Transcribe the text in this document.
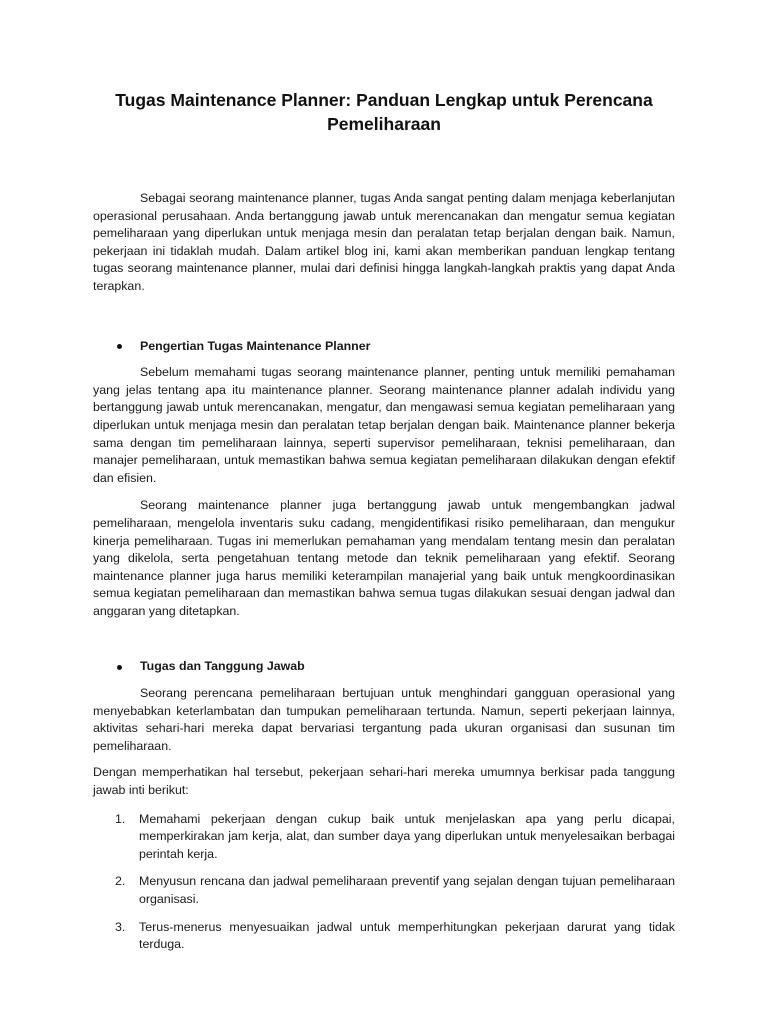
Tugas Maintenance Planner: Panduan Lengkap untuk Perencana Pemeliharaan

Sebagai seorang maintenance planner, tugas Anda sangat penting dalam menjaga keberlanjutan operasional perusahaan. Anda bertanggung jawab untuk merencanakan dan mengatur semua kegiatan pemeliharaan yang diperlukan untuk menjaga mesin dan peralatan tetap berjalan dengan baik. Namun, pekerjaan ini tidaklah mudah. Dalam artikel blog ini, kami akan memberikan panduan lengkap tentang tugas seorang maintenance planner, mulai dari definisi hingga langkah-langkah praktis yang dapat Anda terapkan.

Pengertian Tugas Maintenance Planner

Sebelum memahami tugas seorang maintenance planner, penting untuk memiliki pemahaman yang jelas tentang apa itu maintenance planner. Seorang maintenance planner adalah individu yang bertanggung jawab untuk merencanakan, mengatur, dan mengawasi semua kegiatan pemeliharaan yang diperlukan untuk menjaga mesin dan peralatan tetap berjalan dengan baik. Maintenance planner bekerja sama dengan tim pemeliharaan lainnya, seperti supervisor pemeliharaan, teknisi pemeliharaan, dan manajer pemeliharaan, untuk memastikan bahwa semua kegiatan pemeliharaan dilakukan dengan efektif dan efisien.

Seorang maintenance planner juga bertanggung jawab untuk mengembangkan jadwal pemeliharaan, mengelola inventaris suku cadang, mengidentifikasi risiko pemeliharaan, dan mengukur kinerja pemeliharaan. Tugas ini memerlukan pemahaman yang mendalam tentang mesin dan peralatan yang dikelola, serta pengetahuan tentang metode dan teknik pemeliharaan yang efektif. Seorang maintenance planner juga harus memiliki keterampilan manajerial yang baik untuk mengkoordinasikan semua kegiatan pemeliharaan dan memastikan bahwa semua tugas dilakukan sesuai dengan jadwal dan anggaran yang ditetapkan.

Tugas dan Tanggung Jawab

Seorang perencana pemeliharaan bertujuan untuk menghindari gangguan operasional yang menyebabkan keterlambatan dan tumpukan pemeliharaan tertunda. Namun, seperti pekerjaan lainnya, aktivitas sehari-hari mereka dapat bervariasi tergantung pada ukuran organisasi dan susunan tim pemeliharaan.

Dengan memperhatikan hal tersebut, pekerjaan sehari-hari mereka umumnya berkisar pada tanggung jawab inti berikut:

1.	Memahami pekerjaan dengan cukup baik untuk menjelaskan apa yang perlu dicapai, memperkirakan jam kerja, alat, dan sumber daya yang diperlukan untuk menyelesaikan berbagai perintah kerja.
2.	Menyusun rencana dan jadwal pemeliharaan preventif yang sejalan dengan tujuan pemeliharaan organisasi.
3.	Terus-menerus menyesuaikan jadwal untuk memperhitungkan pekerjaan darurat yang tidak terduga.
